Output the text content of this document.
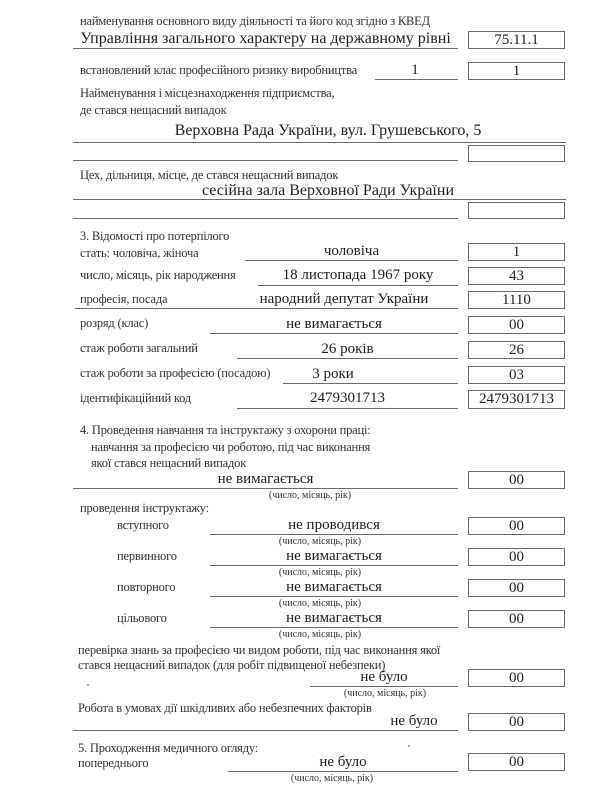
найменування основного виду діяльності та його код згідно з КВЕД
Управління загального характеру на державному рівні	75.11.1
встановлений клас професійного ризику виробництва	1	1
Найменування і місцезнаходження підприємства,
де стався нещасний випадок
Верховна Рада України, вул. Грушевського, 5
Цех, дільниця, місце, де стався нещасний випадок
сесійна зала Верховної Ради України
3. Відомості про потерпілого
стать: чоловіча, жіноча	чоловіча	1
число, місяць, рік народження	18 листопада 1967 року	43
професія, посада	народний депутат України	1110
розряд (клас)	не вимагається	00
стаж роботи загальний	26 років	26
стаж роботи за професією (посадою)	3 роки	03
ідентифікаційний код	2479301713	2479301713
4. Проведення навчання та інструктажу з охорони праці:
навчання за професією чи роботою, під час виконання
якої стався нещасний випадок
не вимагається	00
(число, місяць, рік)
проведення інструктажу:
вступного	не проводився	00
(число, місяць, рік)
первинного	не вимагається	00
(число, місяць, рік)
повторного	не вимагається	00
(число, місяць, рік)
цільового	не вимагається	00
(число, місяць, рік)
перевірка знань за професією чи видом роботи, під час виконання якої
стався нещасний випадок (для робіт підвищеної небезпеки)
не було	00
(число, місяць, рік)
Робота в умовах дії шкідливих або небезпечних факторів
не було	00
5. Проходження медичного огляду:
попереднього	не було	00
(число, місяць, рік)
